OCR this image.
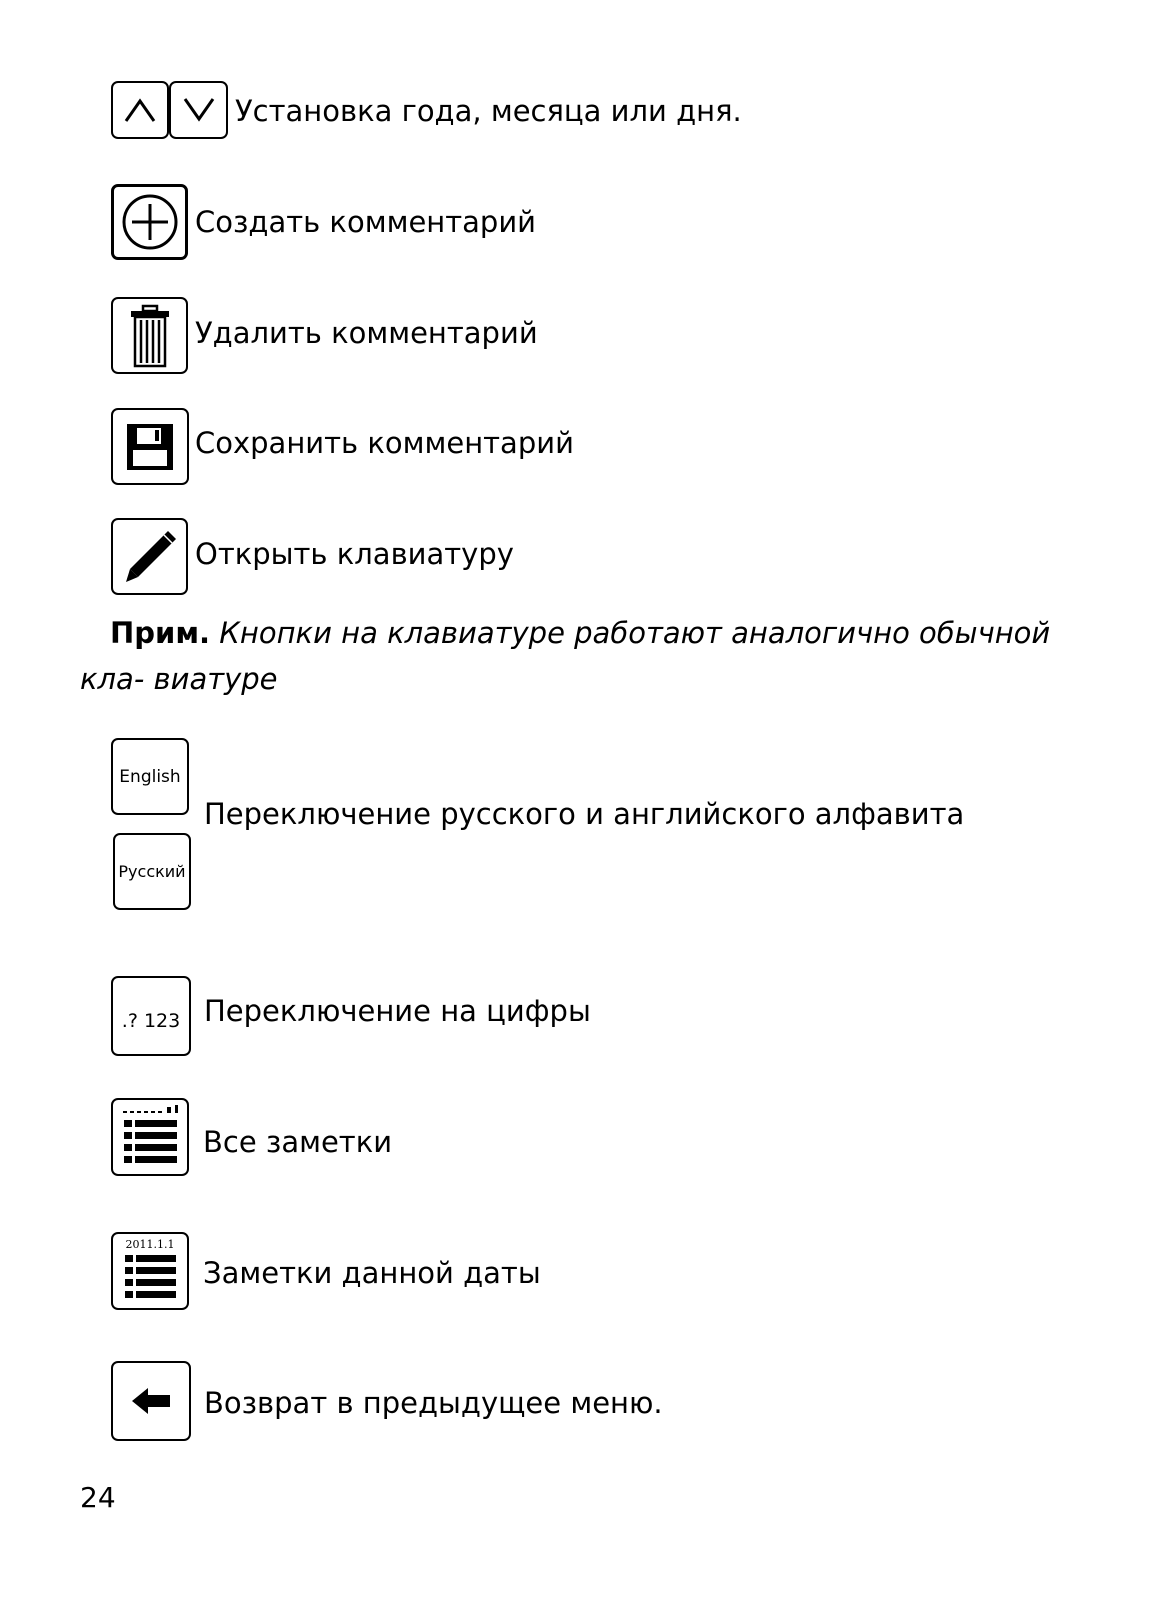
Установка года, месяца или дня.
Создать комментарий
Удалить комментарий
Сохранить комментарий
Открыть клавиатуру
Прим. Кнопки на клавиатуре работают аналогично обычной кла- виатуре
English
Русский
Переключение русского и английского алфавита
.? 123 Переключение на цифры
Все заметки
2011.1.1
Заметки данной даты
Возврат в предыдущее меню.
24
